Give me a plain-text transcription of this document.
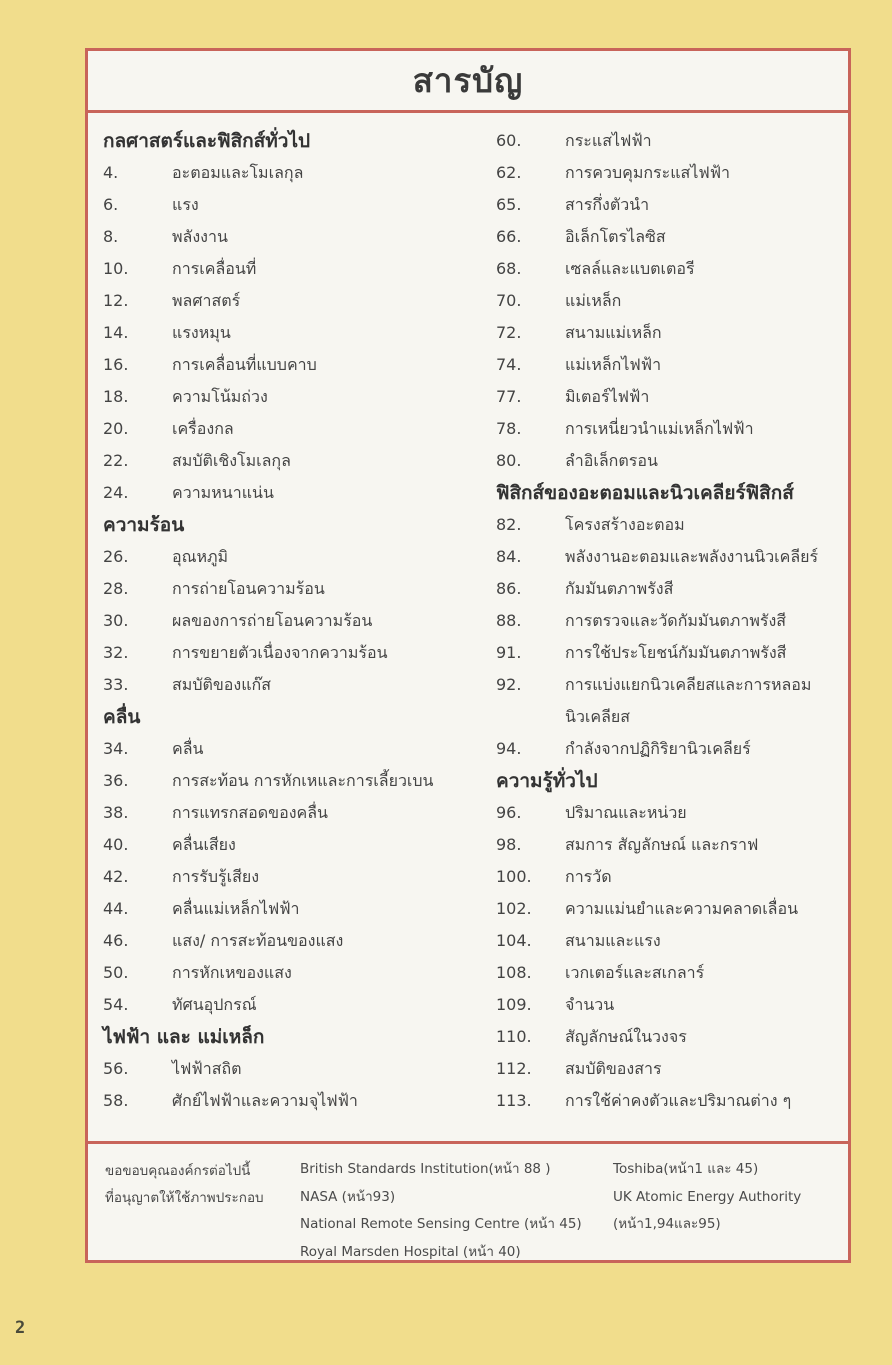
สารบัญ
กลศาสตร์และฟิสิกส์ทั่วไป
4.	อะตอมและโมเลกุล
6.	แรง
8.	พลังงาน
10.	การเคลื่อนที่
12.	พลศาสตร์
14.	แรงหมุน
16.	การเคลื่อนที่แบบคาบ
18.	ความโน้มถ่วง
20.	เครื่องกล
22.	สมบัติเชิงโมเลกุล
24.	ความหนาแน่น
ความร้อน
26.	อุณหภูมิ
28.	การถ่ายโอนความร้อน
30.	ผลของการถ่ายโอนความร้อน
32.	การขยายตัวเนื่องจากความร้อน
33.	สมบัติของแก๊ส
คลื่น
34.	คลื่น
36.	การสะท้อน การหักเหและการเลี้ยวเบน
38.	การแทรกสอดของคลื่น
40.	คลื่นเสียง
42.	การรับรู้เสียง
44.	คลื่นแม่เหล็กไฟฟ้า
46.	แสง/ การสะท้อนของแสง
50.	การหักเหของแสง
54.	ทัศนอุปกรณ์
ไฟฟ้า และ แม่เหล็ก
56.	ไฟฟ้าสถิต
58.	ศักย์ไฟฟ้าและความจุไฟฟ้า
60.	กระแสไฟฟ้า
62.	การควบคุมกระแสไฟฟ้า
65.	สารกึ่งตัวนำ
66.	อิเล็กโตรไลซิส
68.	เซลล์และแบตเตอรี
70.	แม่เหล็ก
72.	สนามแม่เหล็ก
74.	แม่เหล็กไฟฟ้า
77.	มิเตอร์ไฟฟ้า
78.	การเหนี่ยวนำแม่เหล็กไฟฟ้า
80.	ลำอิเล็กตรอน
ฟิสิกส์ของอะตอมและนิวเคลียร์ฟิสิกส์
82.	โครงสร้างอะตอม
84.	พลังงานอะตอมและพลังงานนิวเคลียร์
86.	กัมมันตภาพรังสี
88.	การตรวจและวัดกัมมันตภาพรังสี
91.	การใช้ประโยชน์กัมมันตภาพรังสี
92.	การแบ่งแยกนิวเคลียสและการหลอม
นิวเคลียส
94.	กำลังจากปฏิกิริยานิวเคลียร์
ความรู้ทั่วไป
96.	ปริมาณและหน่วย
98.	สมการ สัญลักษณ์ และกราฟ
100.	การวัด
102.	ความแม่นยำและความคลาดเลื่อน
104.	สนามและแรง
108.	เวกเตอร์และสเกลาร์
109.	จำนวน
110.	สัญลักษณ์ในวงจร
112.	สมบัติของสาร
113.	การใช้ค่าคงตัวและปริมาณต่าง ๆ
ขอขอบคุณองค์กรต่อไปนี้
ที่อนุญาตให้ใช้ภาพประกอบ
British Standards Institution(หน้า 88 )
NASA (หน้า93)
National Remote Sensing Centre (หน้า 45)
Royal Marsden Hospital (หน้า 40)
Toshiba(หน้า1 และ 45)
UK Atomic Energy Authority
(หน้า1,94และ95)
2
